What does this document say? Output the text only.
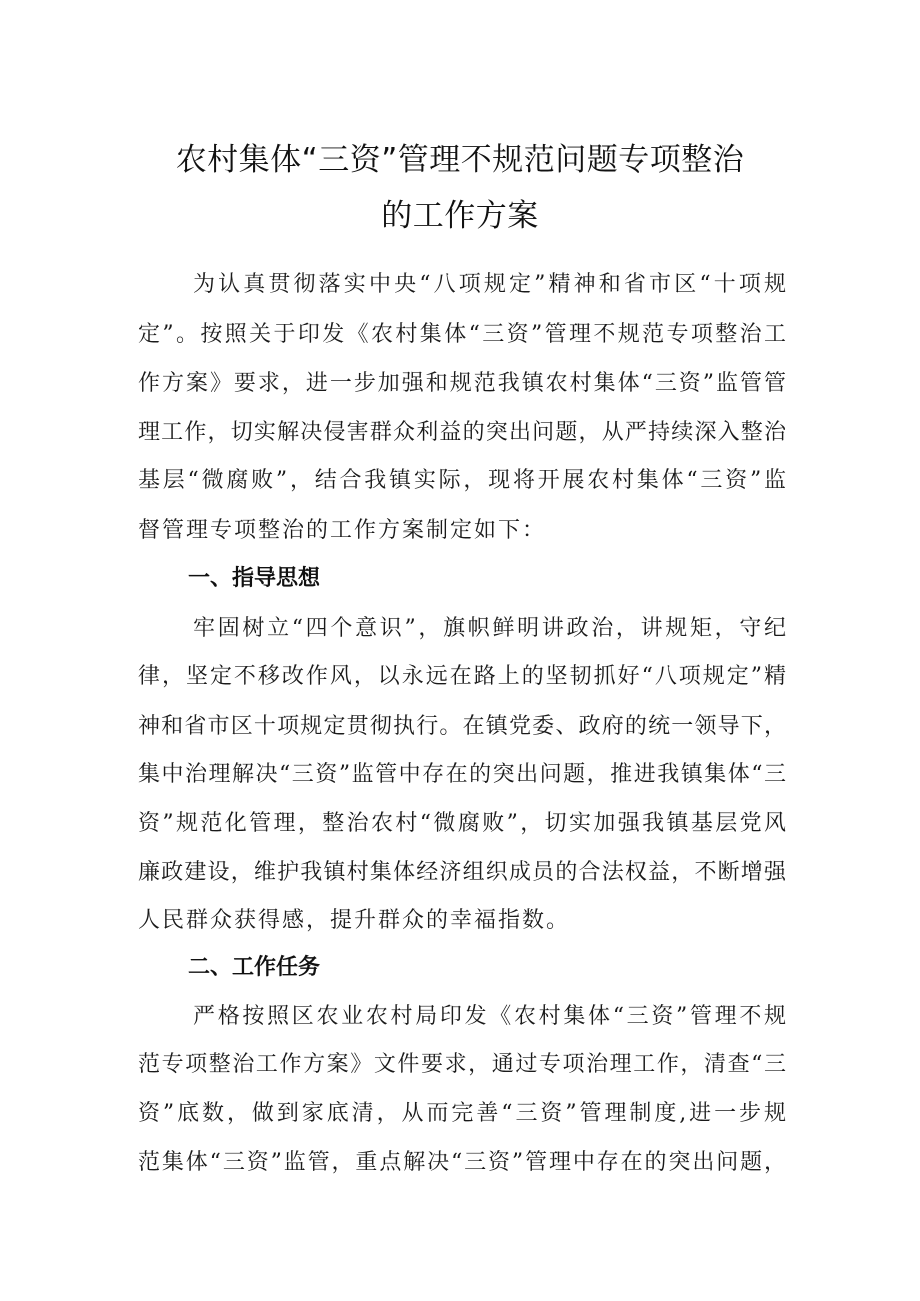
农村集体“三资”管理不规范问题专项整治
的工作方案
为认真贯彻落实中央“八项规定”精神和省市区“十项规
定”。按照关于印发《农村集体“三资”管理不规范专项整治工
作方案》要求，进一步加强和规范我镇农村集体“三资”监管管
理工作，切实解决侵害群众利益的突出问题，从严持续深入整治
基层“微腐败”，结合我镇实际，现将开展农村集体“三资”监
督管理专项整治的工作方案制定如下：
一、指导思想
牢固树立“四个意识”，旗帜鲜明讲政治，讲规矩，守纪
律，坚定不移改作风，以永远在路上的坚韧抓好“八项规定”精
神和省市区十项规定贯彻执行。在镇党委、政府的统一领导下，
集中治理解决“三资”监管中存在的突出问题，推进我镇集体“三
资”规范化管理，整治农村“微腐败”，切实加强我镇基层党风
廉政建设，维护我镇村集体经济组织成员的合法权益，不断增强
人民群众获得感，提升群众的幸福指数。
二、工作任务
严格按照区农业农村局印发《农村集体“三资”管理不规
范专项整治工作方案》文件要求，通过专项治理工作，清查“三
资”底数，做到家底清，从而完善“三资”管理制度,进一步规
范集体“三资”监管，重点解决“三资”管理中存在的突出问题，
